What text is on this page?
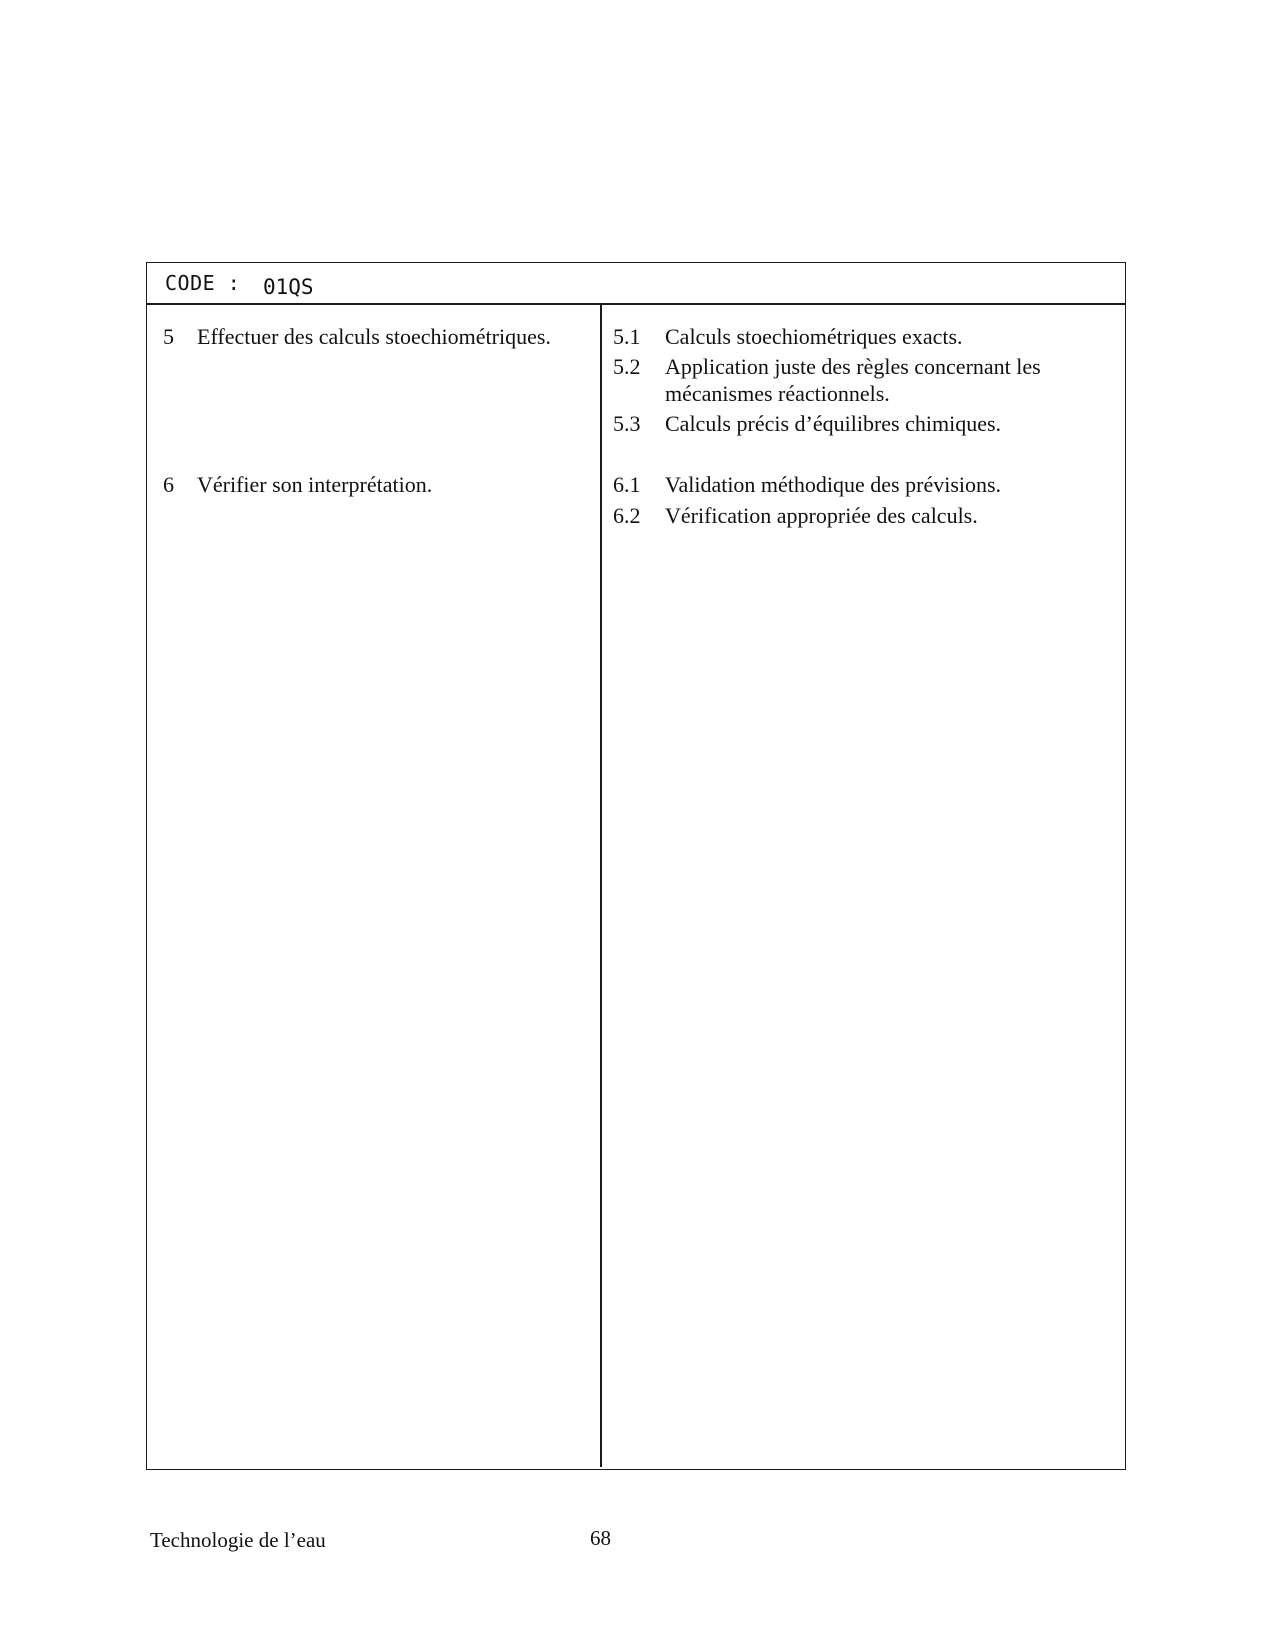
CODE : 01QS
5 Effectuer des calculs stoechiométriques.	5.1 Calculs stoechiométriques exacts.
5.2 Application juste des règles concernant les mécanismes réactionnels.
5.3 Calculs précis d’équilibres chimiques.
6 Vérifier son interprétation.	6.1 Validation méthodique des prévisions.
6.2 Vérification appropriée des calculs.
Technologie de l’eau	68
